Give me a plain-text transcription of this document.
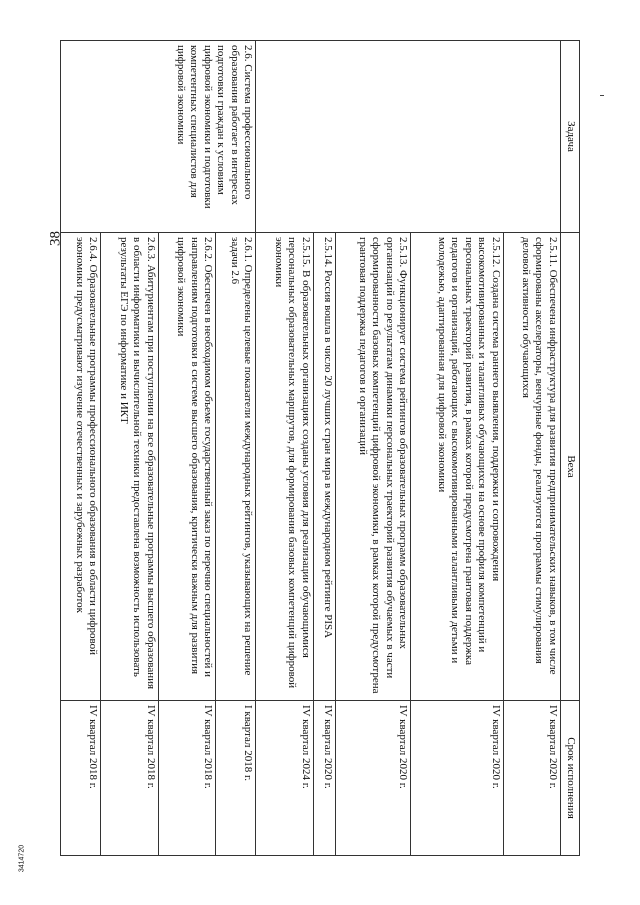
38
3414720
Задача	Веха	Срок исполнения
	2.5.11. Обеспечена инфраструктура для развития предпринимательских навыков, в том числе сформированы акселераторы, венчурные фонды, реализуются программы стимулирования деловой активности обучающихся	IV квартал 2020 г.
	2.5.12. Создана система раннего выявления, поддержки и сопровождения высокомотивированных и талантливых обучающихся на основе профиля компетенций и персональных траекторий развития, в рамках которой предусмотрена грантовая поддержка педагогов и организаций, работающих с высокомотивированными талантливыми детьми и молодежью, адаптированная для цифровой экономики	IV квартал 2020 г.
	2.5.13. Функционирует система рейтингов образовательных программ образовательных организаций по результатам динамики персональных траекторий развития обучаемых в части сформированности базовых компетенций цифровой экономики, в рамках которой предусмотрена грантовая поддержка педагогов и организаций	IV квартал 2020 г.
	2.5.14. Россия вошла в число 20 лучших стран мира в международном рейтинге PISA	IV квартал 2020 г.
	2.5.15. В образовательных организациях созданы условия для реализации обучающимися персональных образовательных маршрутов, для формирования базовых компетенций цифровой экономики	IV квартал 2024 г.
2.6. Система профессионального образования работает в интересах подготовки граждан к условиям цифровой экономики и подготовки компетентных специалистов для цифровой экономики	2.6.1. Определены целевые показатели международных рейтингов, указывающих на решение задачи 2.6	I квартал 2018 г.
	2.6.2. Обеспечен в необходимом объеме государственный заказ по перечню специальностей и направлениям подготовки в системе высшего образования, критически важным для развития цифровой экономики	IV квартал 2018 г.
	2.6.3. Абитуриентам при поступлении на все образовательные программы высшего образования в области информатики и вычислительной техники предоставлена возможность использовать результаты ЕГЭ по информатике и ИКТ	IV квартал 2018 г.
	2.6.4. Образовательные программы профессионального образования в области цифровой экономики предусматривают изучение отечественных и зарубежных разработок	IV квартал 2018 г.
